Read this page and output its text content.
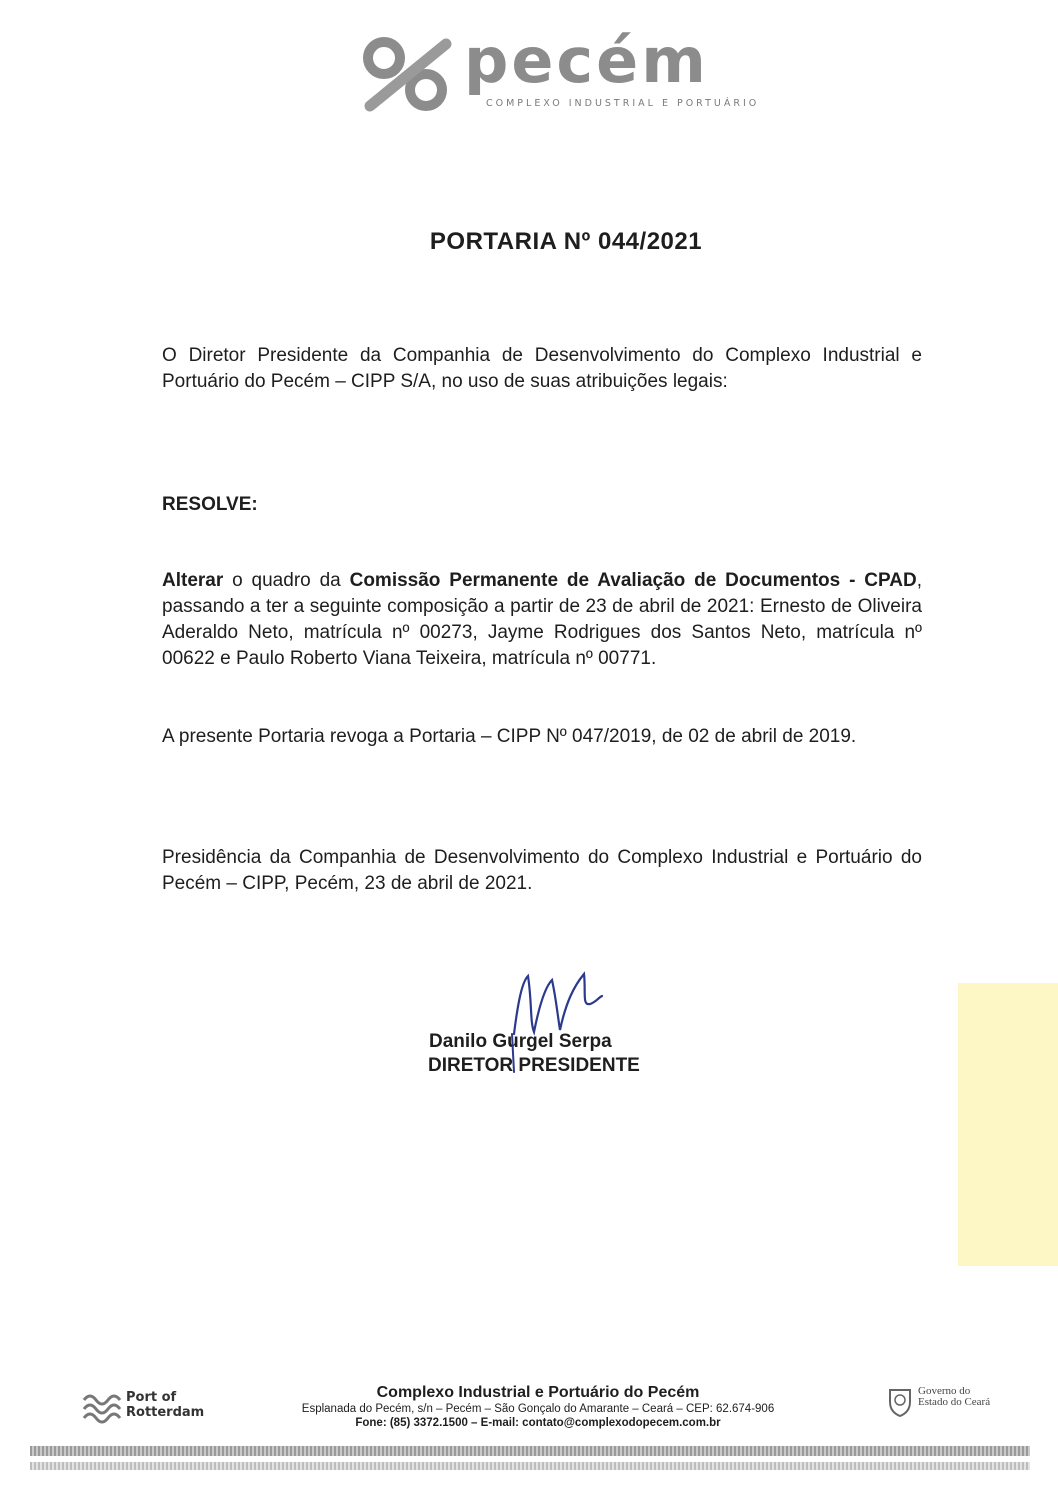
pecém
COMPLEXO INDUSTRIAL E PORTUÁRIO
PORTARIA Nº 044/2021
O Diretor Presidente da Companhia de Desenvolvimento do Complexo Industrial e Portuário do Pecém – CIPP S/A, no uso de suas atribuições legais:
RESOLVE:
Alterar o quadro da Comissão Permanente de Avaliação de Documentos - CPAD, passando a ter a seguinte composição a partir de 23 de abril de 2021: Ernesto de Oliveira Aderaldo Neto, matrícula nº 00273, Jayme Rodrigues dos Santos Neto, matrícula nº 00622 e Paulo Roberto Viana Teixeira, matrícula nº 00771.
A presente Portaria revoga a Portaria – CIPP Nº 047/2019, de 02 de abril de 2019.
Presidência da Companhia de Desenvolvimento do Complexo Industrial e Portuário do Pecém – CIPP, Pecém, 23 de abril de 2021.
Danilo Gurgel Serpa
DIRETOR PRESIDENTE
Port of
Rotterdam
Complexo Industrial e Portuário do Pecém
Esplanada do Pecém, s/n – Pecém – São Gonçalo do Amarante – Ceará – CEP: 62.674-906
Fone: (85) 3372.1500 – E-mail: contato@complexodopecem.com.br
Governo do
Estado do Ceará
